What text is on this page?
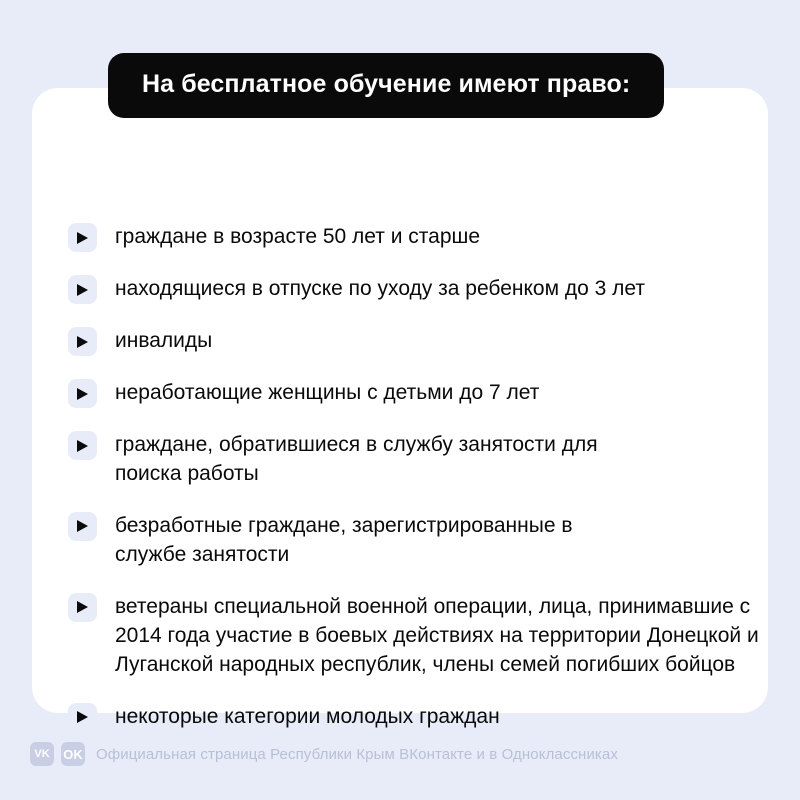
На бесплатное обучение имеют право:
граждане в возрасте 50 лет и старше
находящиеся в отпуске по уходу за ребенком до 3 лет
инвалиды
неработающие женщины с детьми до 7 лет
граждане, обратившиеся в службу занятости для поиска работы
безработные граждане, зарегистрированные в службе занятости
ветераны специальной военной операции, лица, принимавшие с 2014 года участие в боевых действиях на территории Донецкой и Луганской народных республик, члены семей погибших бойцов
некоторые категории молодых граждан
VK	OK Официальная страница Республики Крым ВКонтакте и в Одноклассниках
